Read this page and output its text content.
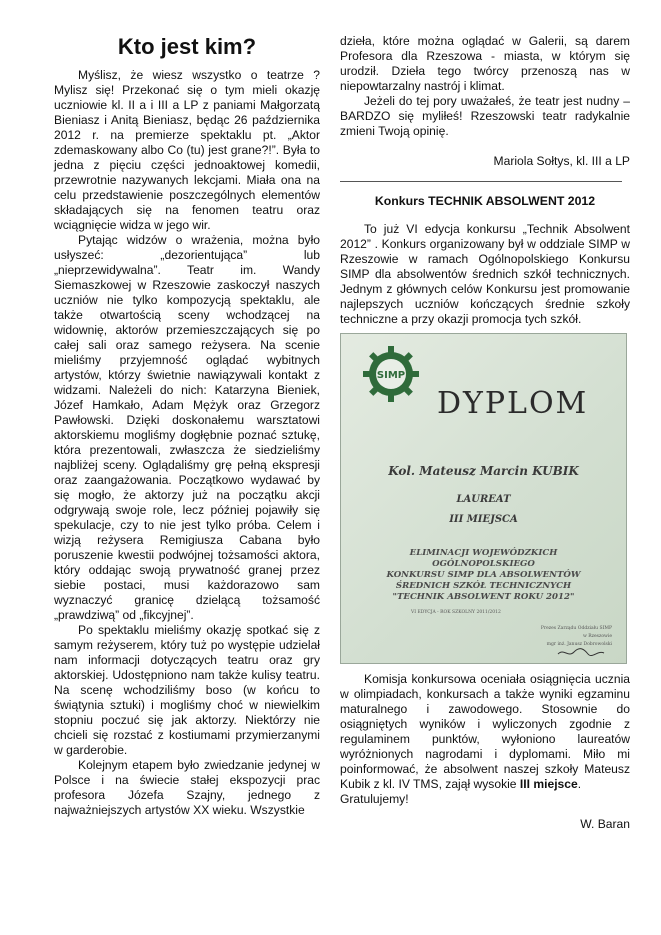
Kto jest kim?

Myślisz, że wiesz wszystko o teatrze ? Mylisz się! Przekonać się o tym mieli okazję uczniowie kl. II a i III a LP z paniami Małgorzatą Bieniasz i Anitą Bieniasz, będąc 26 października 2012 r. na premierze spektaklu pt. „Aktor zdemaskowany albo Co (tu) jest grane?!”. Była to jedna z pięciu części jednoaktowej komedii, przewrotnie nazywanych lekcjami. Miała ona na celu przedstawienie poszczególnych elementów składających się na fenomen teatru oraz wciągnięcie widza w jego wir.

Pytając widzów o wrażenia, można było usłyszeć: „dezorientująca” lub „nieprzewidywalna”. Teatr im. Wandy Siemaszkowej w Rzeszowie zaskoczył naszych uczniów nie tylko kompozycją spektaklu, ale także otwartością sceny wchodzącej na widownię, aktorów przemieszczających się po całej sali oraz samego reżysera. Na scenie mieliśmy przyjemność oglądać wybitnych artystów, którzy świetnie nawiązywali kontakt z widzami. Należeli do nich: Katarzyna Bieniek, Józef Hamkało, Adam Mężyk oraz Grzegorz Pawłowski. Dzięki doskonałemu warsztatowi aktorskiemu mogliśmy dogłębnie poznać sztukę, która prezentowali, zwłaszcza że siedzieliśmy najbliżej sceny. Oglądaliśmy grę pełną ekspresji oraz zaangażowania. Początkowo wydawać by się mogło, że aktorzy już na początku akcji odgrywają swoje role, lecz później pojawiły się spekulacje, czy to nie jest tylko próba. Celem i wizją reżysera Remigiusza Cabana było poruszenie kwestii podwójnej tożsamości aktora, który oddając swoją prywatność granej przez siebie postaci, musi każdorazowo sam wyznaczyć granicę dzielącą tożsamość „prawdziwą” od „fikcyjnej”.

Po spektaklu mieliśmy okazję spotkać się z samym reżyserem, który tuż po występie udzielał nam informacji dotyczących teatru oraz gry aktorskiej. Udostępniono nam także kulisy teatru. Na scenę wchodziliśmy boso (w końcu to świątynia sztuki) i mogliśmy choć w niewielkim stopniu poczuć się jak aktorzy. Niektórzy nie chcieli się rozstać z kostiumami przymierzanymi w garderobie.

Kolejnym etapem było zwiedzanie jedynej w Polsce i na świecie stałej ekspozycji prac profesora Józefa Szajny, jednego z najważniejszych artystów XX wieku. Wszystkie

dzieła, które można oglądać w Galerii, są darem Profesora dla Rzeszowa - miasta, w którym się urodził. Dzieła tego twórcy przenoszą nas w niepowtarzalny nastrój i klimat.

Jeżeli do tej pory uważałeś, że teatr jest nudny – BARDZO się myliłeś! Rzeszowski teatr radykalnie zmieni Twoją opinię.

Mariola Sołtys, kl. III a LP
Konkurs TECHNIK ABSOLWENT 2012

To już VI edycja konkursu „Technik Absolwent 2012” . Konkurs organizowany był w oddziale SIMP w Rzeszowie w ramach Ogólnopolskiego Konkursu SIMP dla absolwentów średnich szkół technicznych. Jednym z głównych celów Konkursu jest promowanie najlepszych uczniów kończących średnie szkoły techniczne a przy okazji promocja tych szkół.

SIMP
DYPLOM
Kol. Mateusz Marcin KUBIK
LAUREAT
III MIEJSCA
ELIMINACJI WOJEWÓDZKICH
OGÓLNOPOLSKIEGO
KONKURSU SIMP DLA ABSOLWENTÓW
ŚREDNICH SZKÓŁ TECHNICZNYCH
"TECHNIK ABSOLWENT ROKU 2012"
VI EDYCJA - ROK SZKOLNY 2011/2012
Prezes Zarządu Oddziału SIMP
w Rzeszowie
mgr inż. Janusz Dobrowolski

Komisja konkursowa oceniała osiągnięcia ucznia w olimpiadach, konkursach a także wyniki egzaminu maturalnego i zawodowego. Stosownie do osiągniętych wyników i wyliczonych zgodnie z regulaminem punktów, wyłoniono laureatów wyróżnionych nagrodami i dyplomami. Miło mi poinformować, że absolwent naszej szkoły Mateusz Kubik z kl. IV TMS, zajął wysokie III miejsce.

Gratulujemy!

W. Baran
